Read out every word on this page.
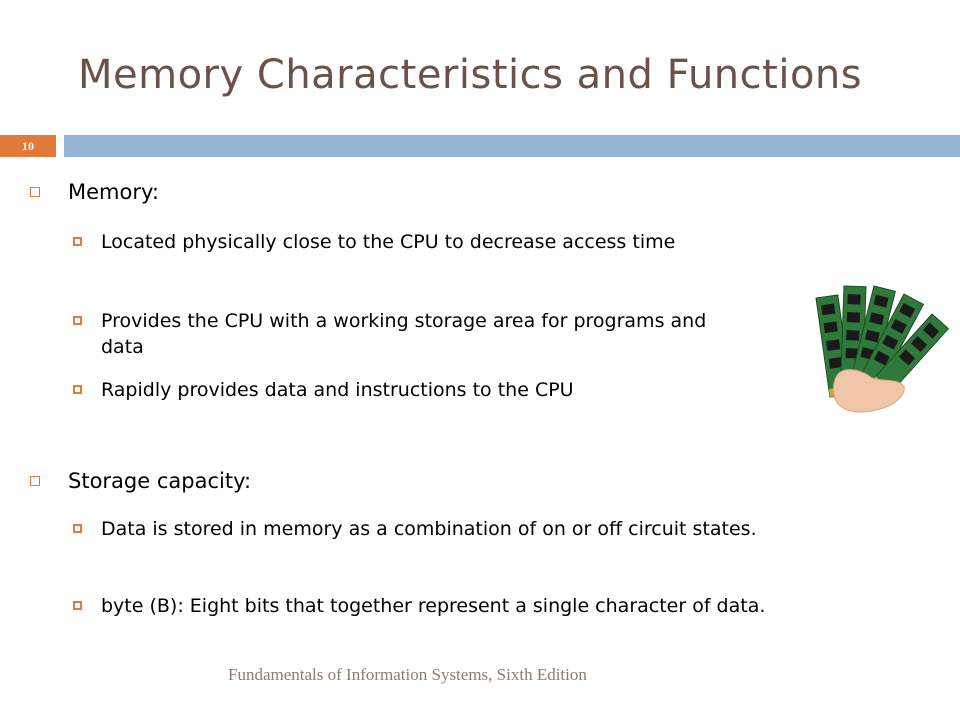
Memory Characteristics and Functions
10
Memory:
Located physically close to the CPU to decrease access time
Provides the CPU with a working storage area for programs and data
Rapidly provides data and instructions to the CPU
Storage capacity:
Data is stored in memory as a combination of on or off circuit states.
byte (B): Eight bits that together represent a single character of data.
Fundamentals of Information Systems, Sixth Edition
